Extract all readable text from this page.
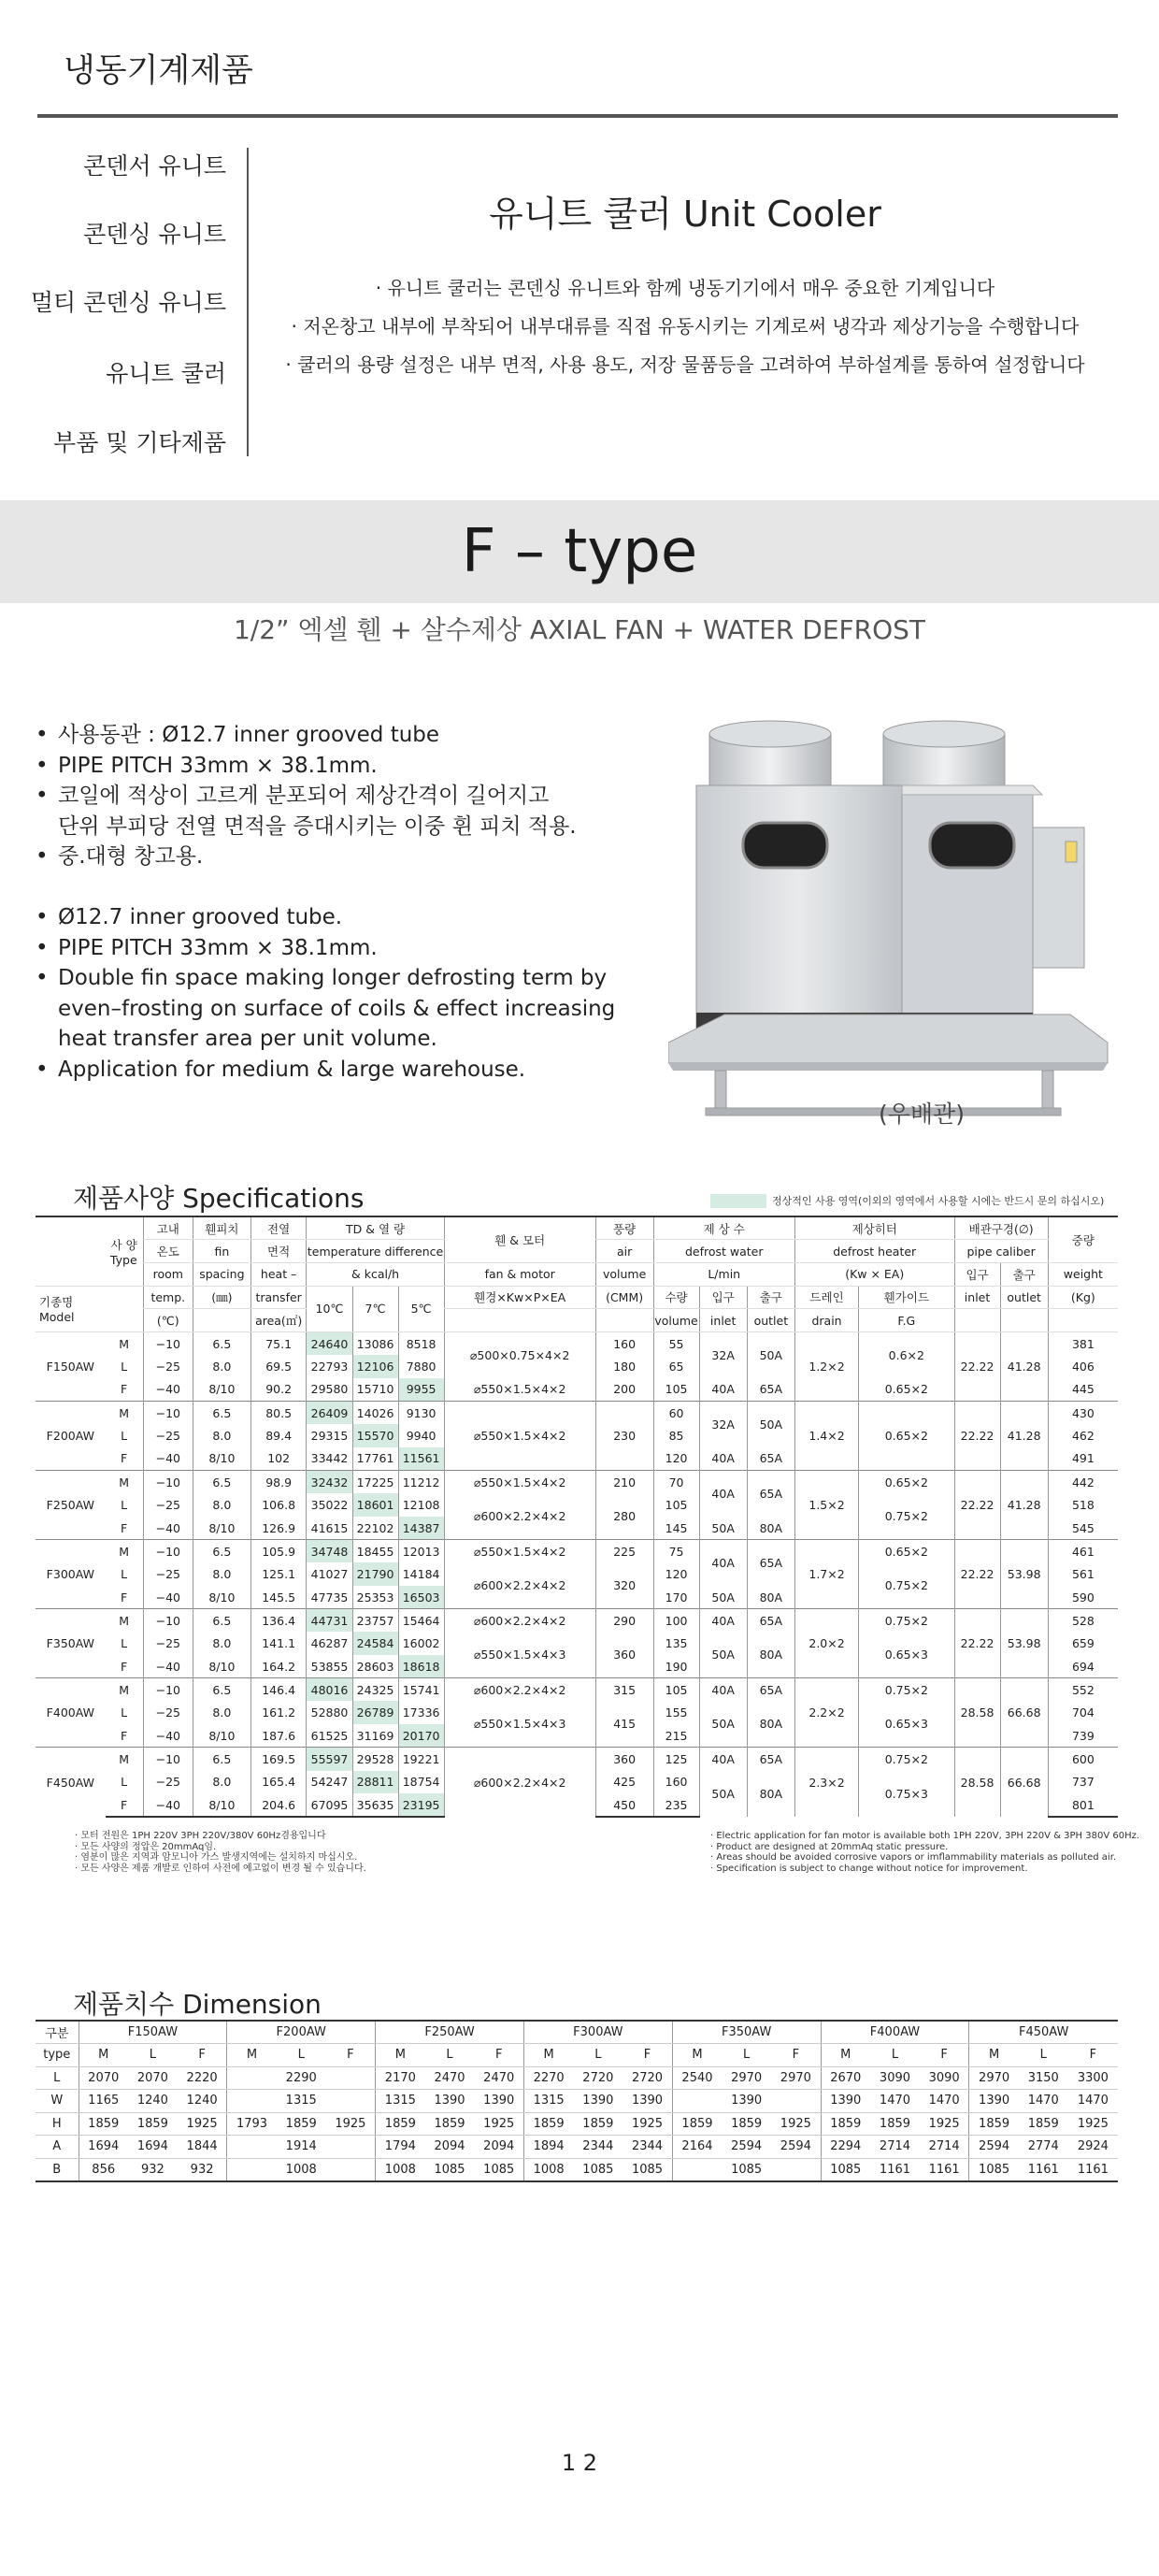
냉동기계제품
콘덴서 유니트
콘덴싱 유니트
멀티 콘덴싱 유니트
유니트 쿨러
부품 및 기타제품
유니트 쿨러 Unit Cooler
· 유니트 쿨러는 콘덴싱 유니트와 함께 냉동기기에서 매우 중요한 기계입니다
· 저온창고 내부에 부착되어 내부대류를 직접 유동시키는 기계로써 냉각과 제상기능을 수행합니다
· 쿨러의 용량 설정은 내부 면적, 사용 용도, 저장 물품등을 고려하여 부하설계를 통하여 설정합니다
F – type
1/2” 엑셀 휀 + 살수제상 AXIAL FAN + WATER DEFROST
• 사용동관 : Ø12.7 inner grooved tube
• PIPE PITCH 33mm × 38.1mm.
• 코일에 적상이 고르게 분포되어 제상간격이 길어지고
단위 부피당 전열 면적을 증대시키는 이중 휜 피치 적용.
• 중.대형 창고용.
• Ø12.7 inner grooved tube.
• PIPE PITCH 33mm × 38.1mm.
• Double fin space making longer defrosting term by
even–frosting on surface of coils & effect increasing
heat transfer area per unit volume.
• Application for medium & large warehouse.
(우배관)
제품사양 Specifications	정상적인 사용 영역(이외의 영역에서 사용할 시에는 반드시 문의 하십시오)
사 양
Type		고내	휀피치	전열	TD & 열 량			휀 & 모터	풍량	제 상 수			제상히터		배관구경(∅)		중량
		온도	fin	면적	temperature difference				air	defrost water			defrost heater		pipe caliber		
		room	spacing	heat –	& kcal/h			fan & motor	volume	L/min			(Kw × EA)		입구	출구	weight
기종명
Model		temp.	(㎜)	transfer	10℃	7℃	5℃	휀경×Kw×P×EA	(CMM)	수량	입구	출구	드레인	휀가이드	inlet	outlet	(Kg)
		(℃)		area(㎡)						volume	inlet	outlet	drain	F.G			
F150AW	M	−10	6.5	75.1	24640	13086	8518	⌀500×0.75×4×2	160	55	32A	50A	1.2×2	0.6×2	22.22	41.28	381
	L	−25	8.0	69.5	22793	12106	7880		180	65							406
	F	−40	8/10	90.2	29580	15710	9955	⌀550×1.5×4×2	200	105	40A	65A		0.65×2			445
F200AW	M	−10	6.5	80.5	26409	14026	9130	⌀550×1.5×4×2	230	60	32A	50A	1.4×2	0.65×2	22.22	41.28	430
	L	−25	8.0	89.4	29315	15570	9940			85							462
	F	−40	8/10	102	33442	17761	11561			120	40A	65A					491
F250AW	M	−10	6.5	98.9	32432	17225	11212	⌀550×1.5×4×2	210	70	40A	65A	1.5×2	0.65×2	22.22	41.28	442
	L	−25	8.0	106.8	35022	18601	12108	⌀600×2.2×4×2	280	105				0.75×2			518
	F	−40	8/10	126.9	41615	22102	14387			145	50A	80A					545
F300AW	M	−10	6.5	105.9	34748	18455	12013	⌀550×1.5×4×2	225	75	40A	65A	1.7×2	0.65×2	22.22	53.98	461
	L	−25	8.0	125.1	41027	21790	14184	⌀600×2.2×4×2	320	120				0.75×2			561
	F	−40	8/10	145.5	47735	25353	16503			170	50A	80A					590
F350AW	M	−10	6.5	136.4	44731	23757	15464	⌀600×2.2×4×2	290	100	40A	65A	2.0×2	0.75×2	22.22	53.98	528
	L	−25	8.0	141.1	46287	24584	16002	⌀550×1.5×4×3	360	135	50A	80A		0.65×3			659
	F	−40	8/10	164.2	53855	28603	18618			190							694
F400AW	M	−10	6.5	146.4	48016	24325	15741	⌀600×2.2×4×2	315	105	40A	65A	2.2×2	0.75×2	28.58	66.68	552
	L	−25	8.0	161.2	52880	26789	17336	⌀550×1.5×4×3	415	155	50A	80A		0.65×3			704
	F	−40	8/10	187.6	61525	31169	20170			215							739
F450AW	M	−10	6.5	169.5	55597	29528	19221	⌀600×2.2×4×2	360	125	40A	65A	2.3×2	0.75×2	28.58	66.68	600
	L	−25	8.0	165.4	54247	28811	18754		425	160	50A	80A		0.75×3			737
	F	−40	8/10	204.6	67095	35635	23195		450	235							801
· 모터 전원은 1PH 220V 3PH 220V/380V 60Hz겸용입니다
· 모든 사양의 정압은 20mmAq임.
· 염분이 많은 지역과 암모니아 가스 발생지역에는 설치하지 마십시오.
· 모든 사양은 제품 개발로 인하여 사전에 예고없이 변경 될 수 있습니다.
· Electric application for fan motor is available both 1PH 220V, 3PH 220V & 3PH 380V 60Hz.
· Product are designed at 20mmAq static pressure.
· Areas should be avoided corrosive vapors or imflammability materials as polluted air.
· Specification is subject to change without notice for improvement.
제품치수 Dimension
구분	F150AW			F200AW			F250AW			F300AW			F350AW			F400AW			F450AW		
type	M	L	F	M	L	F	M	L	F	M	L	F	M	L	F	M	L	F	M	L	F
L	2070	2070	2220	2290			2170	2470	2470	2270	2720	2720	2540	2970	2970	2670	3090	3090	2970	3150	3300
W	1165	1240	1240	1315			1315	1390	1390	1315	1390	1390	1390			1390	1470	1470	1390	1470	1470
H	1859	1859	1925	1793	1859	1925	1859	1859	1925	1859	1859	1925	1859	1859	1925	1859	1859	1925	1859	1859	1925
A	1694	1694	1844	1914			1794	2094	2094	1894	2344	2344	2164	2594	2594	2294	2714	2714	2594	2774	2924
B	856	932	932	1008			1008	1085	1085	1008	1085	1085	1085			1085	1161	1161	1085	1161	1161
1 2
